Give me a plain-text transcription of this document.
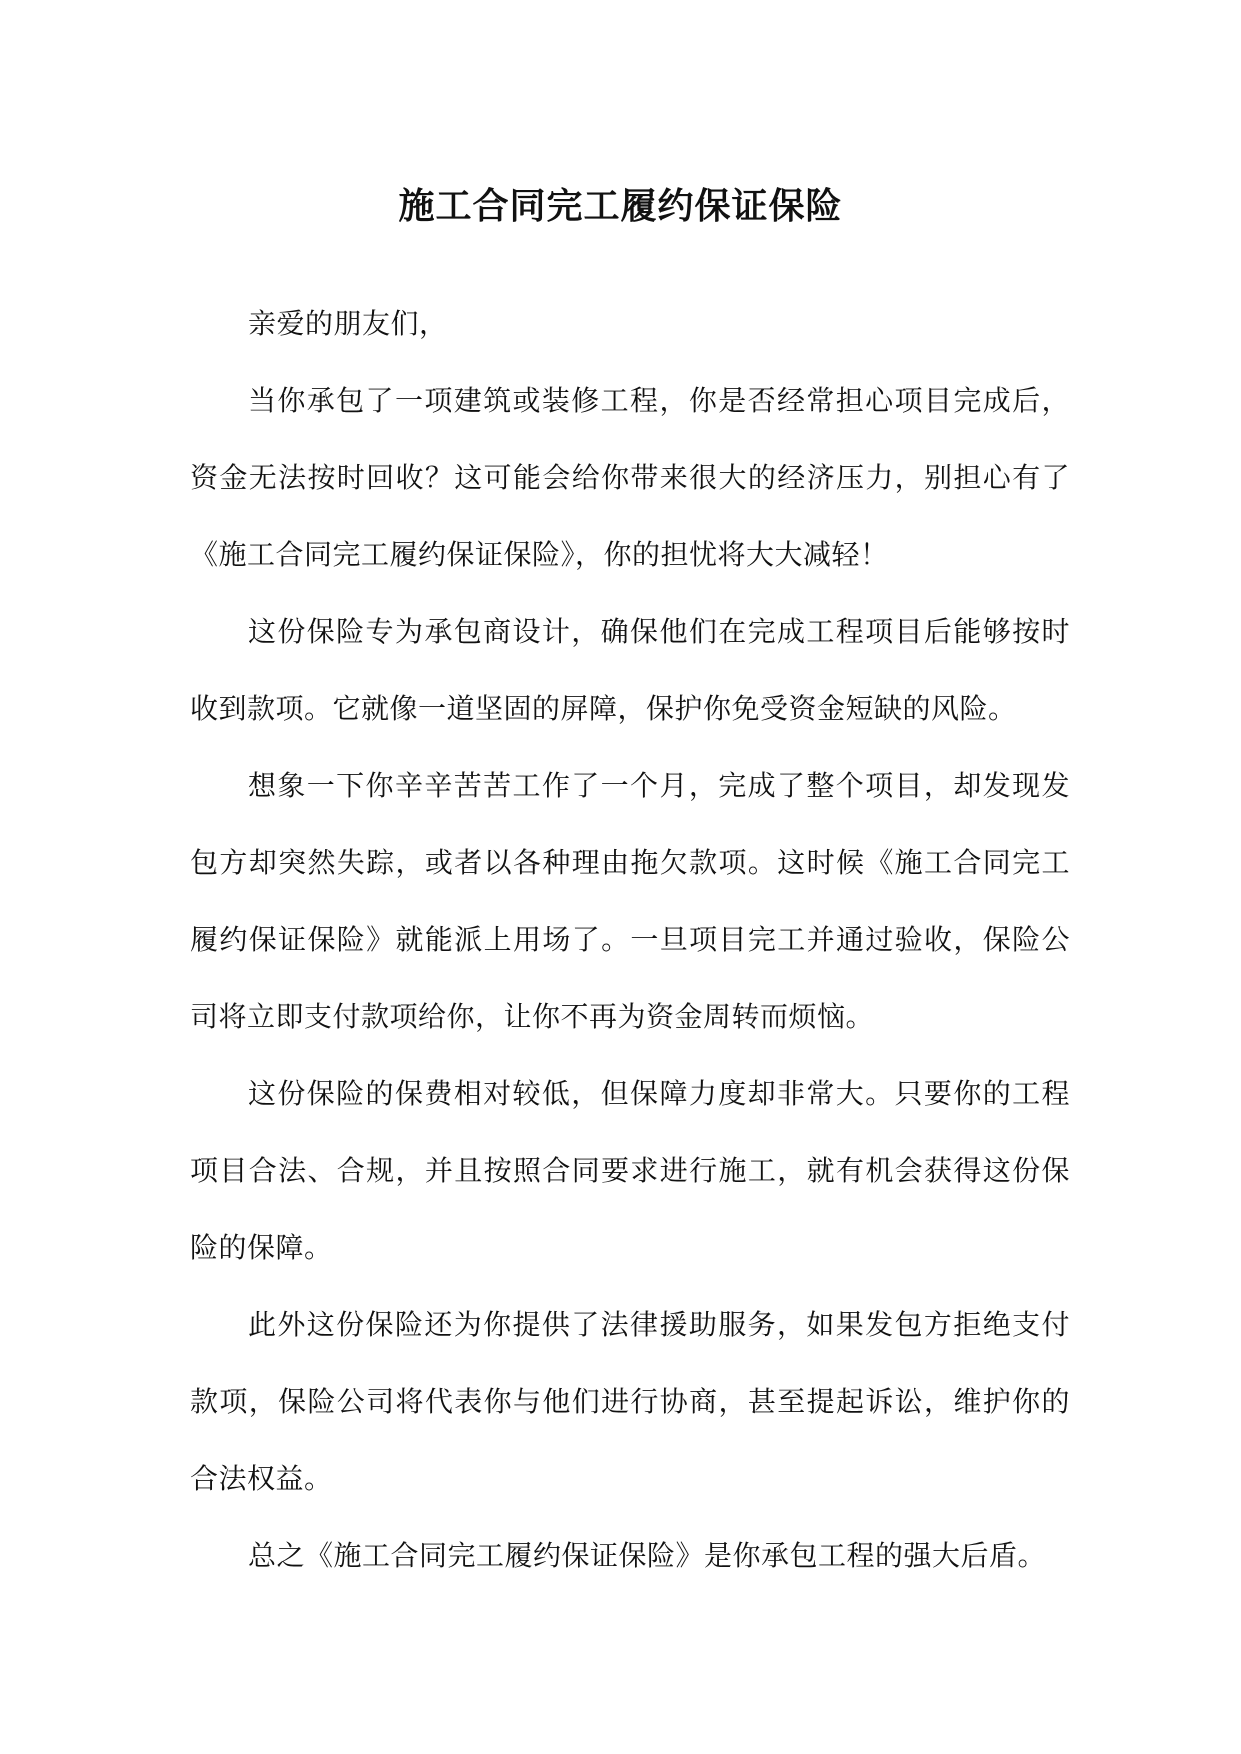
施工合同完工履约保证保险

亲爱的朋友们，

当你承包了一项建筑或装修工程，你是否经常担心项目完成后，资金无法按时回收？这可能会给你带来很大的经济压力，别担心有了《施工合同完工履约保证保险》，你的担忧将大大减轻！

这份保险专为承包商设计，确保他们在完成工程项目后能够按时收到款项。它就像一道坚固的屏障，保护你免受资金短缺的风险。

想象一下你辛辛苦苦工作了一个月，完成了整个项目，却发现发包方却突然失踪，或者以各种理由拖欠款项。这时候《施工合同完工履约保证保险》就能派上用场了。一旦项目完工并通过验收，保险公司将立即支付款项给你，让你不再为资金周转而烦恼。

这份保险的保费相对较低，但保障力度却非常大。只要你的工程项目合法、合规，并且按照合同要求进行施工，就有机会获得这份保险的保障。

此外这份保险还为你提供了法律援助服务，如果发包方拒绝支付款项，保险公司将代表你与他们进行协商，甚至提起诉讼，维护你的合法权益。

总之《施工合同完工履约保证保险》是你承包工程的强大后盾。
